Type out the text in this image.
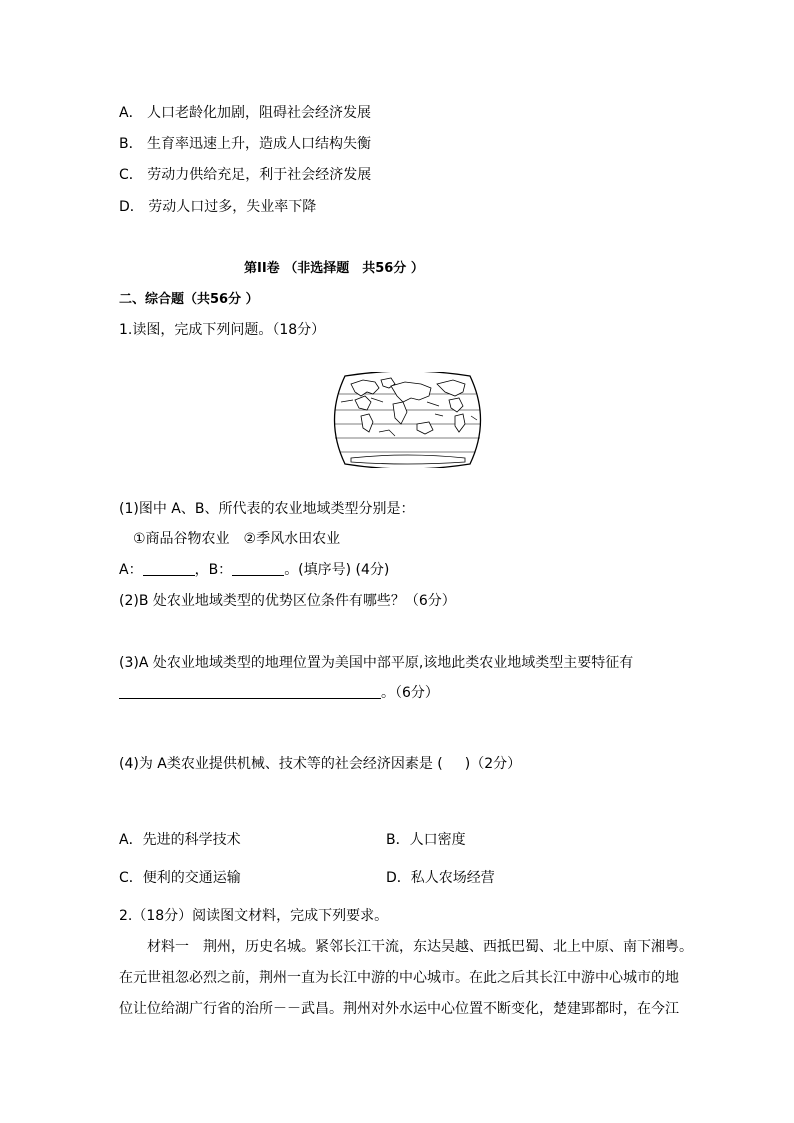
A． 人口老龄化加剧，阻碍社会经济发展
B． 生育率迅速上升，造成人口结构失衡
C． 劳动力供给充足，利于社会经济发展
D． 劳动人口过多，失业率下降
第II卷 （非选择题　共56分 ）
二、综合题（共56分 ）
1.读图，完成下列问题。（18分）
(1)图中 A、B、所代表的农业地域类型分别是：
①商品谷物农业　②季风水田农业
A：	，B：	。(填序号) (4分)
(2)B 处农业地域类型的优势区位条件有哪些？（6分）
(3)A 处农业地域类型的地理位置为美国中部平原,该地此类农业地域类型主要特征有
。（6分）
(4)为 A类农业提供机械、技术等的社会经济因素是 ( )（2分）
A．先进的科学技术	B．人口密度
C．便利的交通运输	D．私人农场经营
2.（18分）阅读图文材料，完成下列要求。
材料一　荆州，历史名城。紧邻长江干流，东达吴越、西抵巴蜀、北上中原、南下湘粤。
在元世祖忽必烈之前，荆州一直为长江中游的中心城市。在此之后其长江中游中心城市的地
位让位给湖广行省的治所－－武昌。荆州对外水运中心位置不断变化，楚建郢都时，在今江
